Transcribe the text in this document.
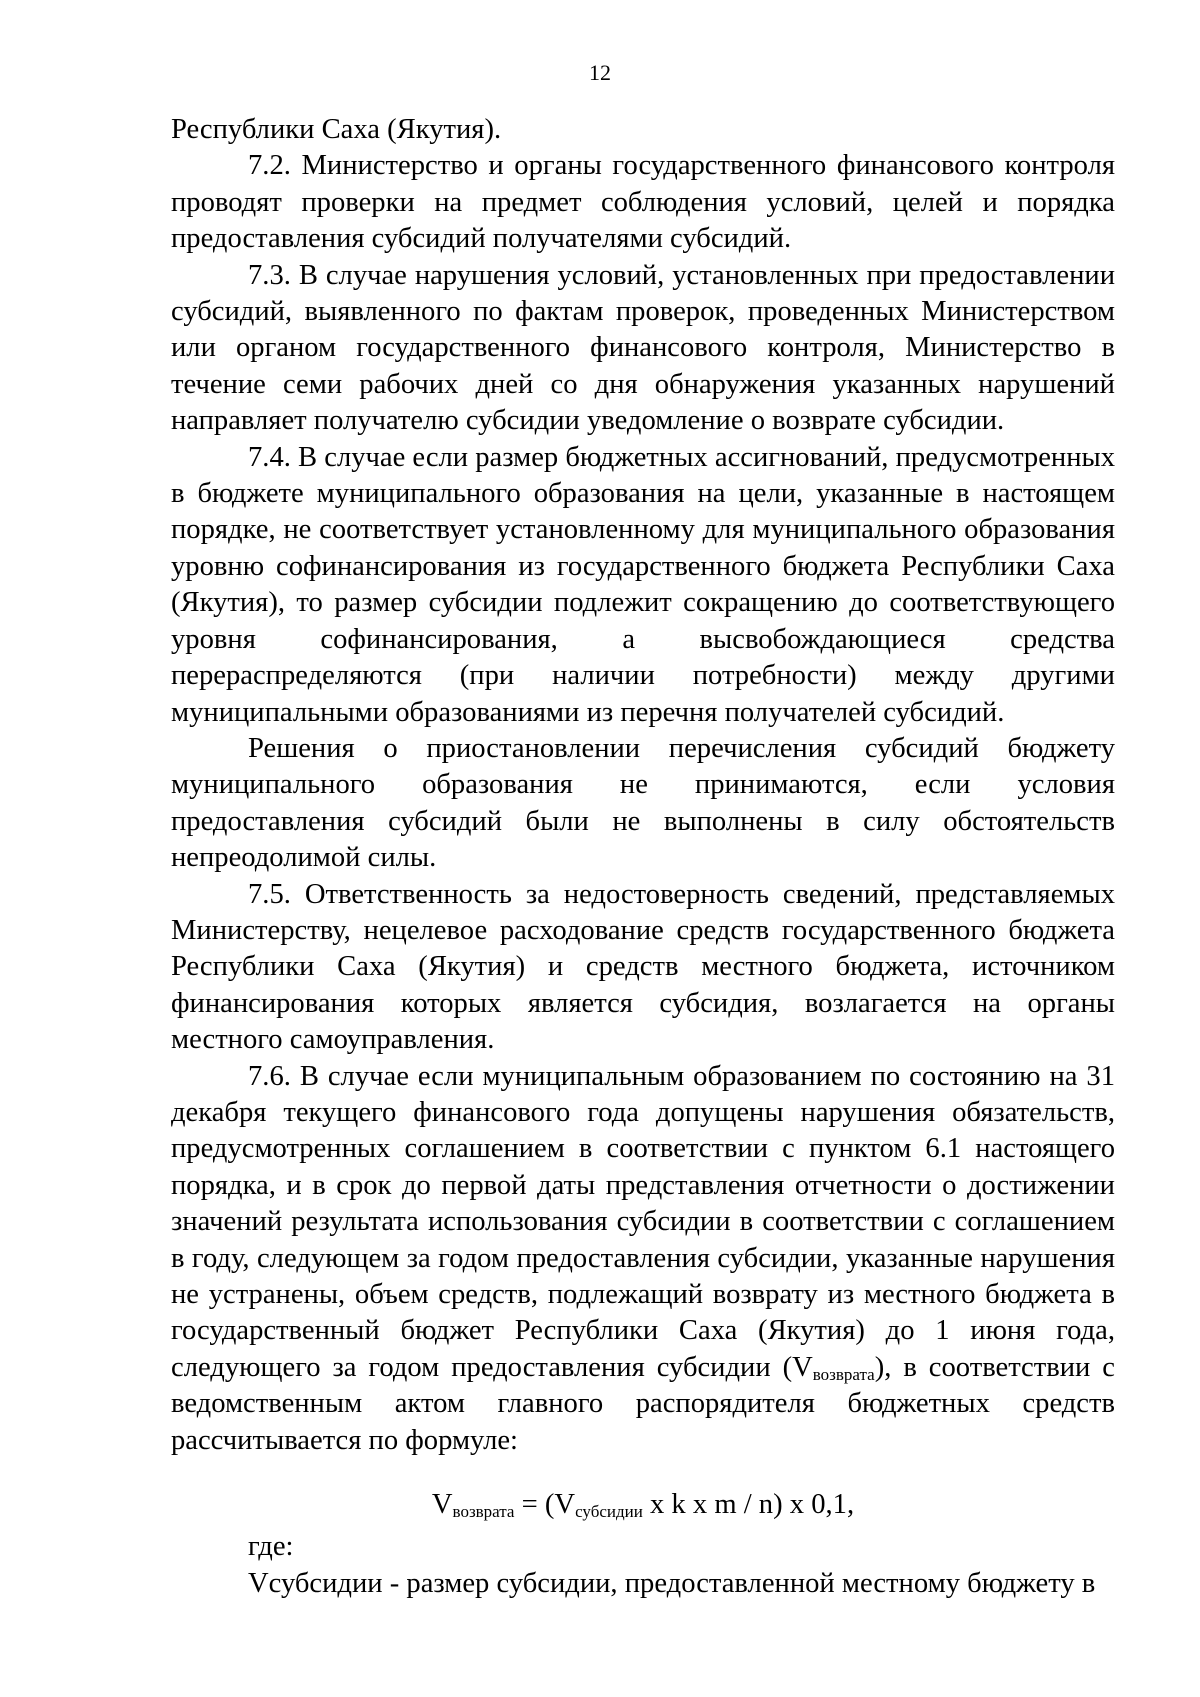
12

Республики Саха (Якутия).

7.2. Министерство и органы государственного финансового контроля проводят проверки на предмет соблюдения условий, целей и порядка предоставления субсидий получателями субсидий.

7.3. В случае нарушения условий, установленных при предоставлении субсидий, выявленного по фактам проверок, проведенных Министерством или органом государственного финансового контроля, Министерство в течение семи рабочих дней со дня обнаружения указанных нарушений направляет получателю субсидии уведомление о возврате субсидии.

7.4. В случае если размер бюджетных ассигнований, предусмотренных в бюджете муниципального образования на цели, указанные в настоящем порядке, не соответствует установленному для муниципального образования уровню софинансирования из государственного бюджета Республики Саха (Якутия), то размер субсидии подлежит сокращению до соответствующего уровня софинансирования, а высвобождающиеся средства перераспределяются (при наличии потребности) между другими муниципальными образованиями из перечня получателей субсидий.

Решения о приостановлении перечисления субсидий бюджету муниципального образования не принимаются, если условия предоставления субсидий были не выполнены в силу обстоятельств непреодолимой силы.

7.5. Ответственность за недостоверность сведений, представляемых Министерству, нецелевое расходование средств государственного бюджета Республики Саха (Якутия) и средств местного бюджета, источником финансирования которых является субсидия, возлагается на органы местного самоуправления.

7.6. В случае если муниципальным образованием по состоянию на 31 декабря текущего финансового года допущены нарушения обязательств, предусмотренных соглашением в соответствии с пунктом 6.1 настоящего порядка, и в срок до первой даты представления отчетности о достижении значений результата использования субсидии в соответствии с соглашением в году, следующем за годом предоставления субсидии, указанные нарушения не устранены, объем средств, подлежащий возврату из местного бюджета в государственный бюджет Республики Саха (Якутия) до 1 июня года, следующего за годом предоставления субсидии $(V_{возврата})$, в соответствии с ведомственным актом главного распорядителя бюджетных средств рассчитывается по формуле:

$V_{возврата} = (V_{субсидии}$ x k x m / n) x 0,1,

где:

Vсубсидии - размер субсидии, предоставленной местному бюджету в
